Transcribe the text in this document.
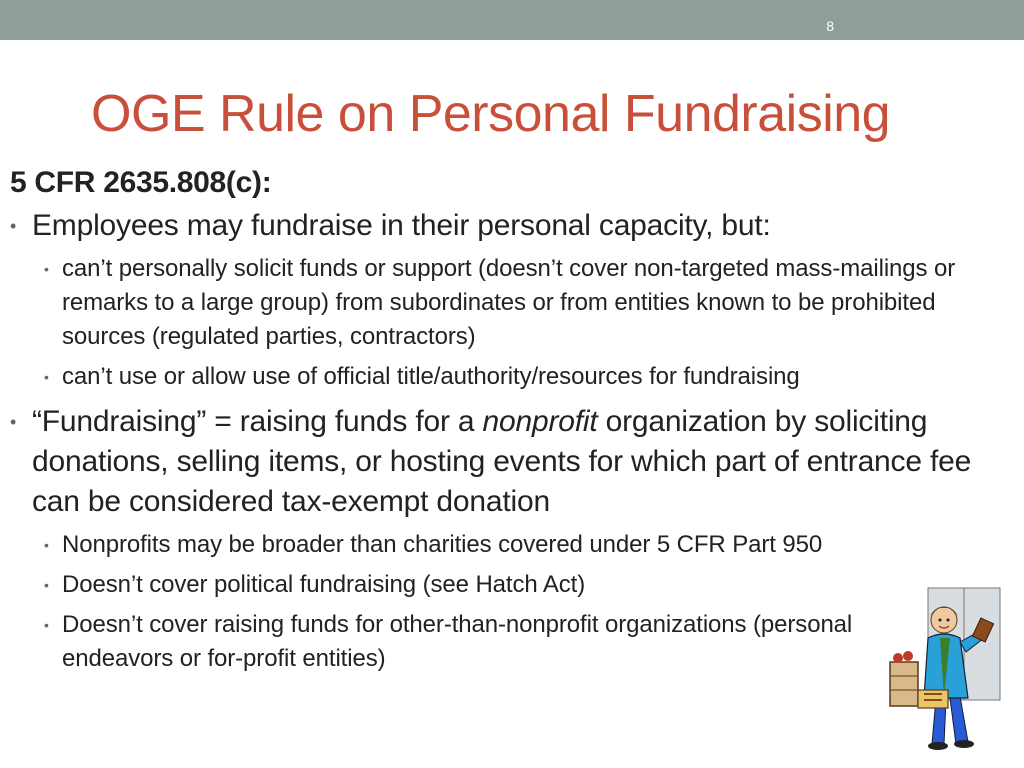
8
OGE Rule on Personal Fundraising
5 CFR 2635.808(c):
• Employees may fundraise in their personal capacity, but:
• can’t personally solicit funds or support (doesn’t cover non-targeted mass-mailings or remarks to a large group) from subordinates or from entities known to be prohibited sources (regulated parties, contractors)
• can’t use or allow use of official title/authority/resources for fundraising
• “Fundraising” = raising funds for a nonprofit organization by soliciting donations, selling items, or hosting events for which part of entrance fee can be considered tax-exempt donation
• Nonprofits may be broader than charities covered under 5 CFR Part 950
• Doesn’t cover political fundraising (see Hatch Act)
• Doesn’t cover raising funds for other-than-nonprofit organizations (personal endeavors or for-profit entities)
